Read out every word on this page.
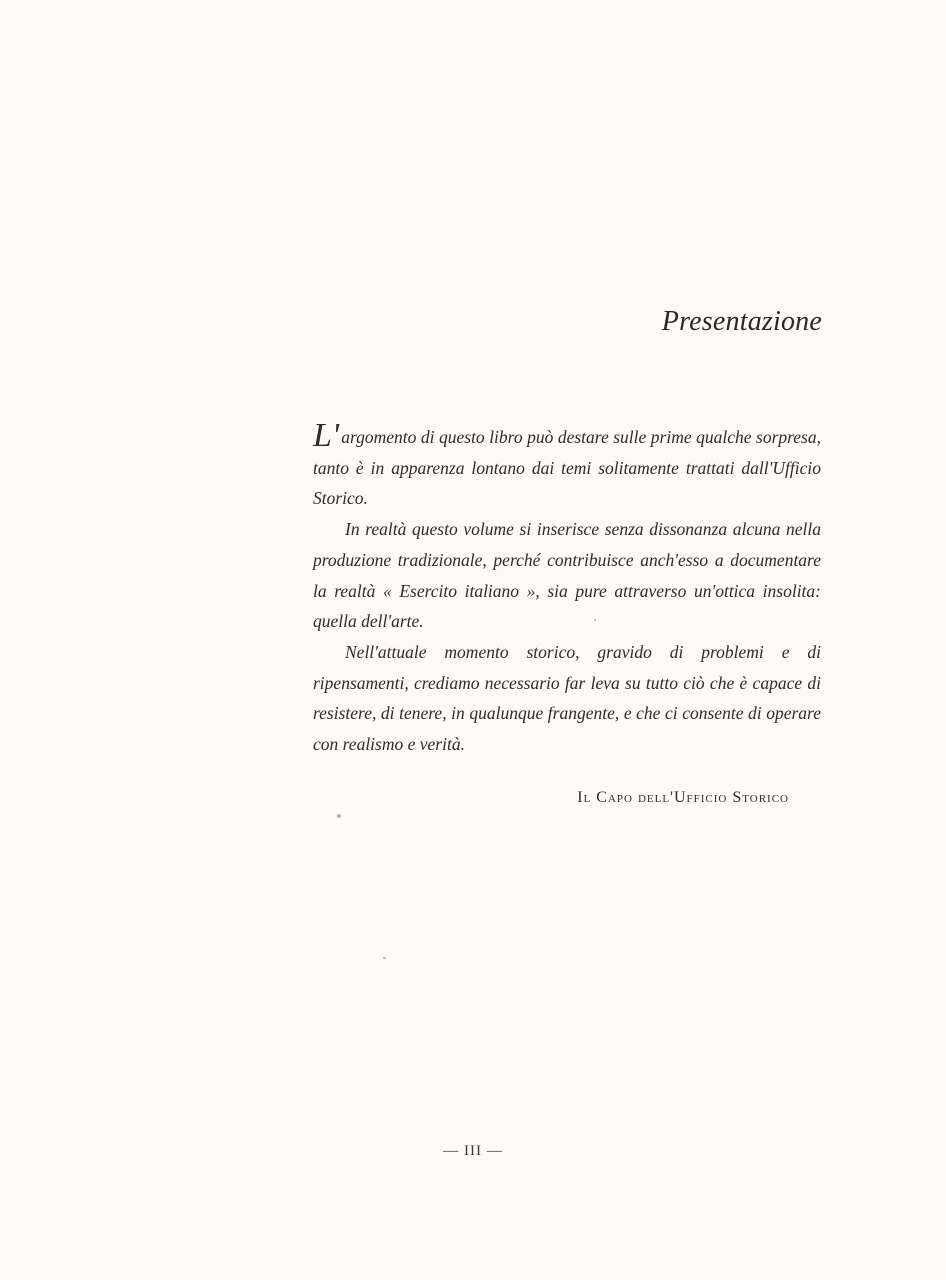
Presentazione

L' argomento di questo libro può destare sulle prime qualche sorpresa, tanto è in apparenza lontano dai temi solitamente trattati dall'Ufficio Storico.

In realtà questo volume si inserisce senza dissonanza alcuna nella produzione tradizionale, perché contribuisce anch'esso a documentare la realtà « Esercito italiano », sia pure attraverso un'ottica insolita: quella dell'arte.

Nell'attuale momento storico, gravido di problemi e di ripensamenti, crediamo necessario far leva su tutto ciò che è capace di resistere, di tenere, in qualunque frangente, e che ci consente di operare con realismo e verità.

Il Capo dell'Ufficio Storico
— III —
